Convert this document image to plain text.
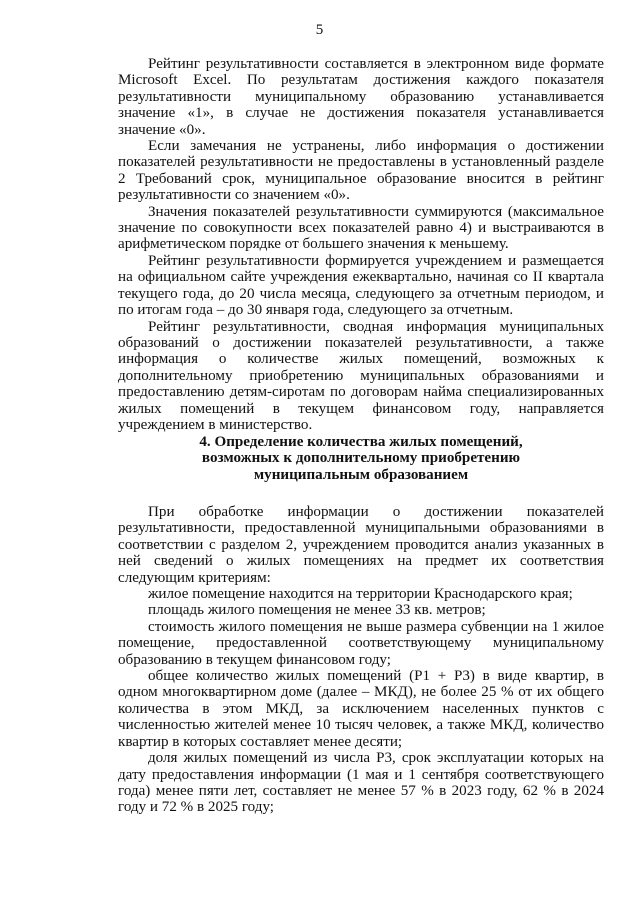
5

Рейтинг результативности составляется в электронном виде формате Microsoft Excel. По результатам достижения каждого показателя результативности муниципальному образованию устанавливается значение «1», в случае не достижения показателя устанавливается значение «0».

Если замечания не устранены, либо информация о достижении показателей результативности не предоставлены в установленный разделе 2 Требований срок, муниципальное образование вносится в рейтинг результативности со значением «0».

Значения показателей результативности суммируются (максимальное значение по совокупности всех показателей равно 4) и выстраиваются в арифметическом порядке от большего значения к меньшему.

Рейтинг результативности формируется учреждением и размещается на официальном сайте учреждения ежеквартально, начиная со II квартала текущего года, до 20 числа месяца, следующего за отчетным периодом, и по итогам года – до 30 января года, следующего за отчетным.

Рейтинг результативности, сводная информация муниципальных образований о достижении показателей результативности, а также информация о количестве жилых помещений, возможных к дополнительному приобретению муниципальных образованиями и предоставлению детям-сиротам по договорам найма специализированных жилых помещений в текущем финансовом году, направляется учреждением в министерство.

4. Определение количества жилых помещений,
возможных к дополнительному приобретению
муниципальным образованием

При обработке информации о достижении показателей результативности, предоставленной муниципальными образованиями в соответствии с разделом 2, учреждением проводится анализ указанных в ней сведений о жилых помещениях на предмет их соответствия следующим критериям:

жилое помещение находится на территории Краснодарского края;

площадь жилого помещения не менее 33 кв. метров;

стоимость жилого помещения не выше размера субвенции на 1 жилое помещение, предоставленной соответствующему муниципальному образованию в текущем финансовом году;

общее количество жилых помещений (Р1 + Р3) в виде квартир, в одном многоквартирном доме (далее – МКД), не более 25 % от их общего количества в этом МКД, за исключением населенных пунктов с численностью жителей менее 10 тысяч человек, а также МКД, количество квартир в которых составляет менее десяти;

доля жилых помещений из числа Р3, срок эксплуатации которых на дату предоставления информации (1 мая и 1 сентября соответствующего года) менее пяти лет, составляет не менее 57 % в 2023 году, 62 % в 2024 году и 72 % в 2025 году;
